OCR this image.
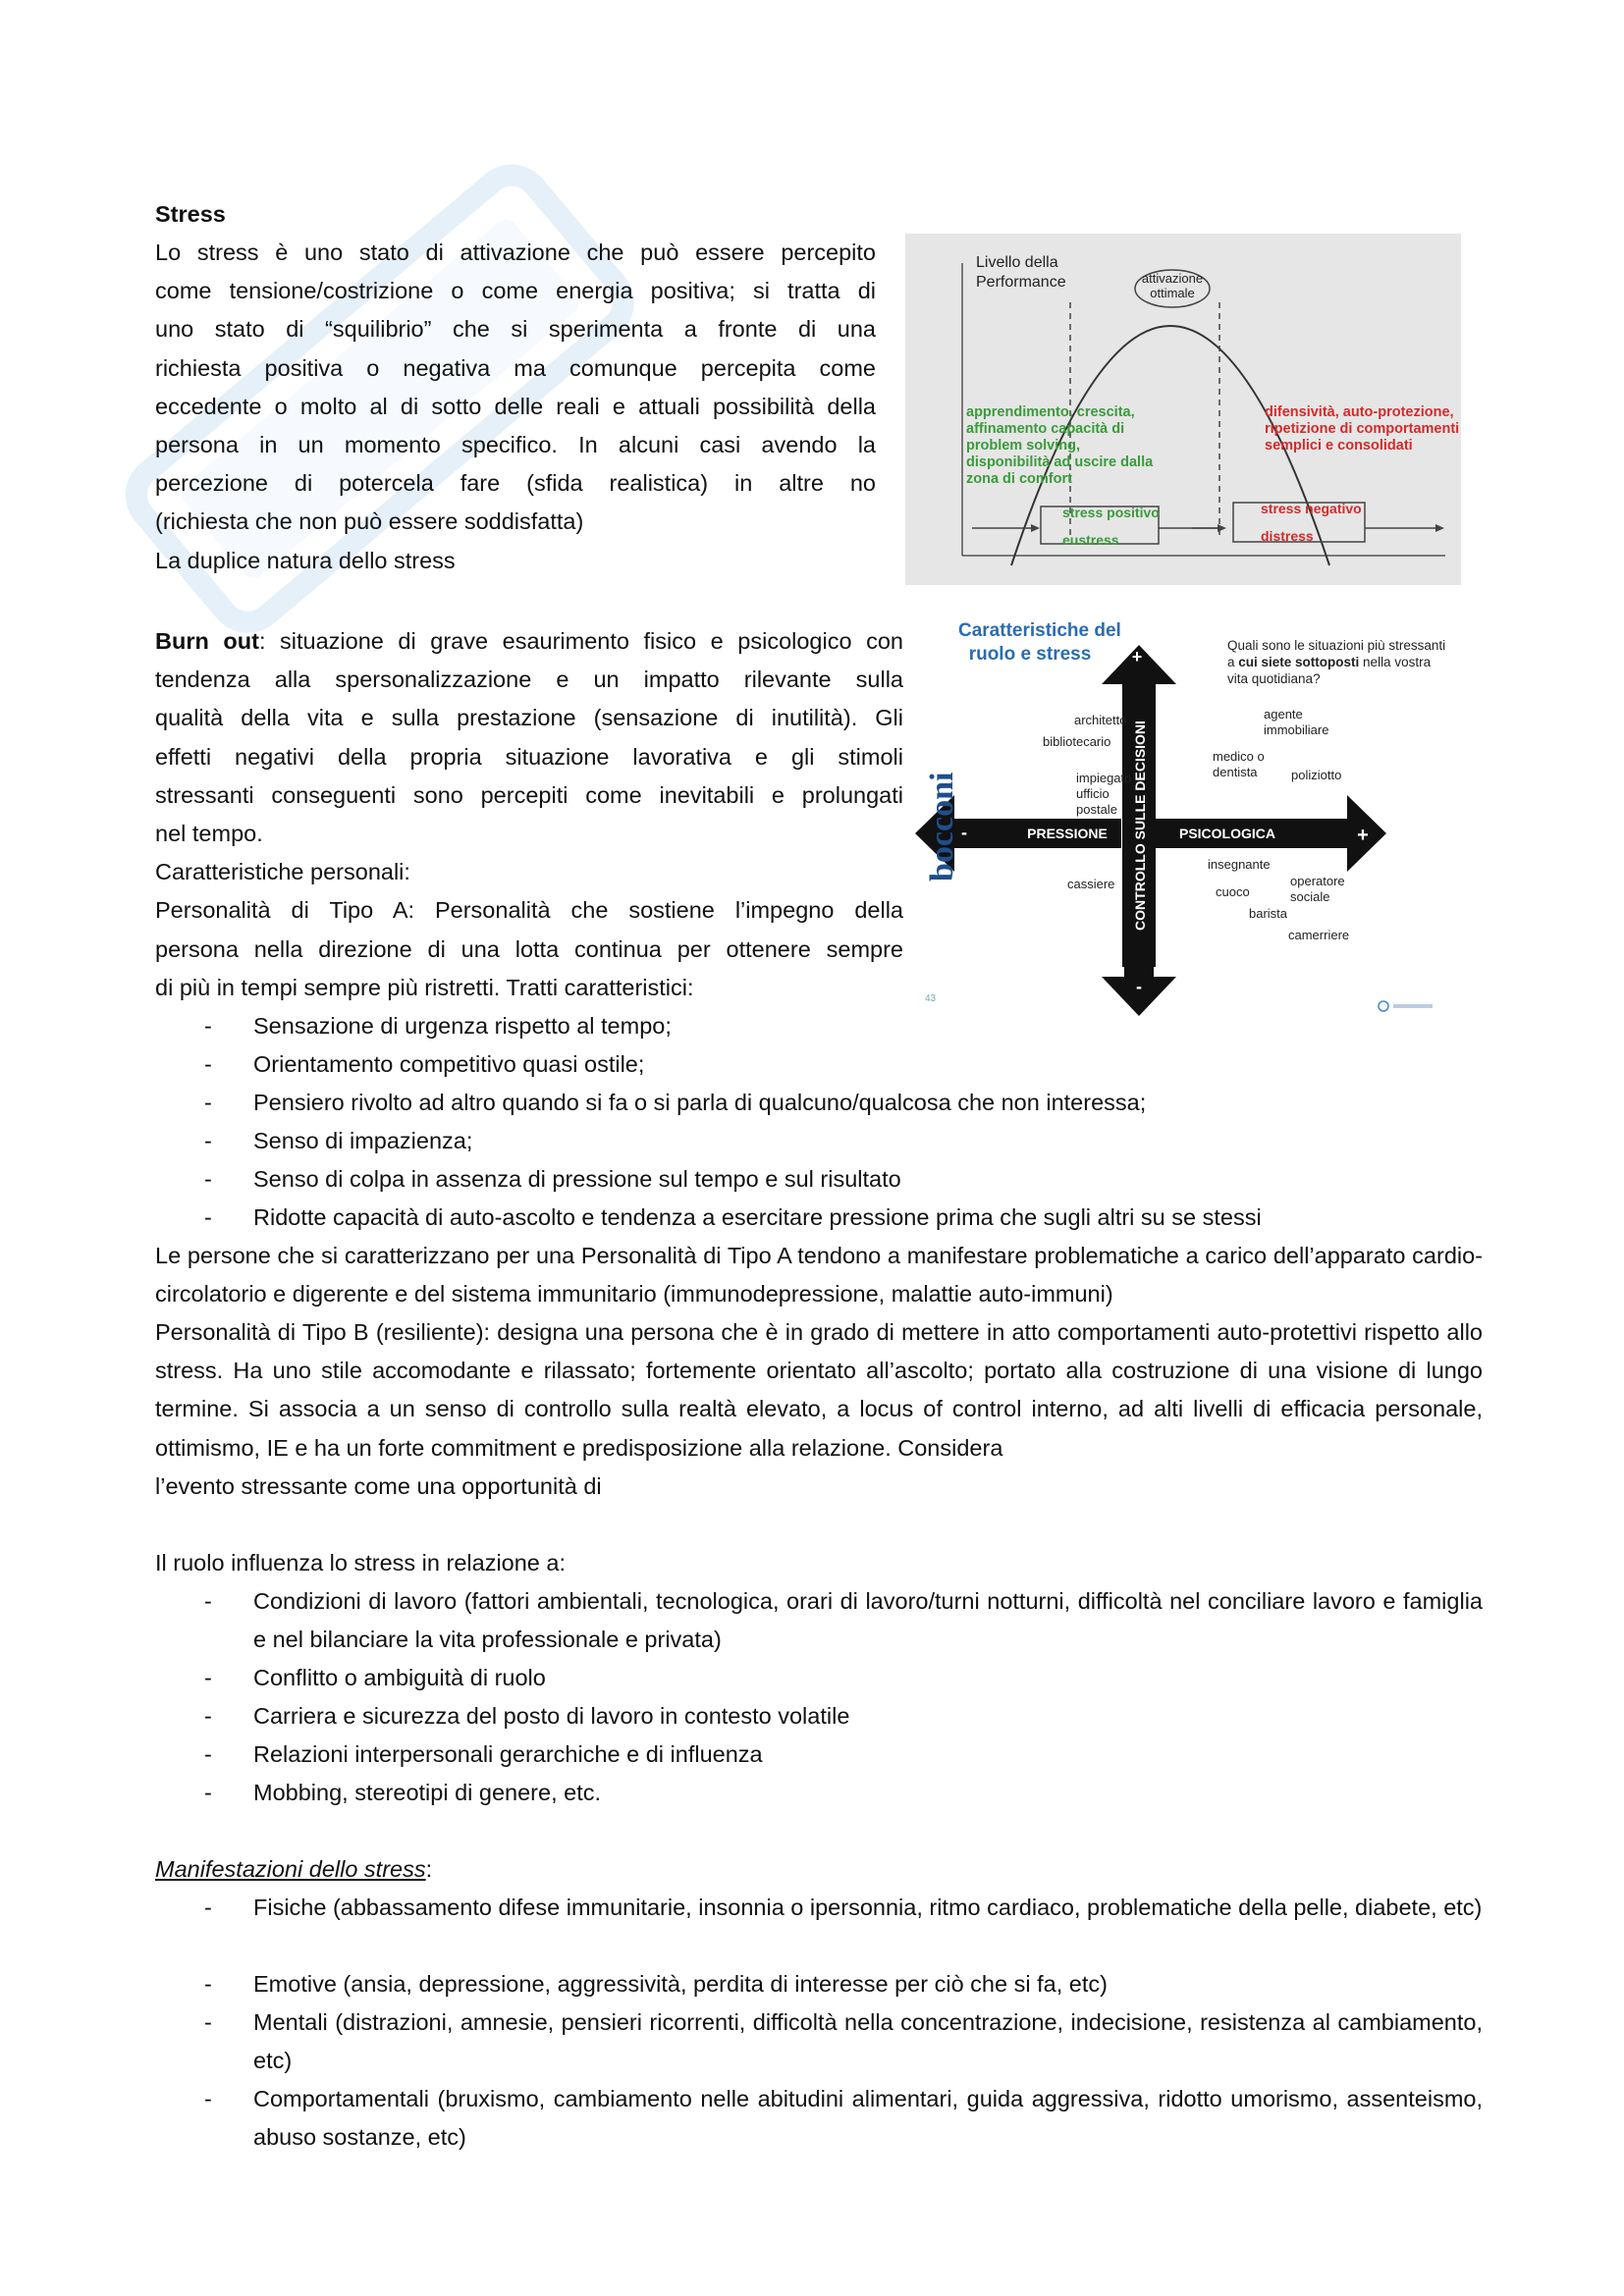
Stress
Lo stress è uno stato di attivazione che può essere percepito
come tensione/costrizione o come energia positiva; si tratta di
uno stato di “squilibrio” che si sperimenta a fronte di una
richiesta positiva o negativa ma comunque percepita come
eccedente o molto al di sotto delle reali e attuali possibilità della
persona in un momento specifico. In alcuni casi avendo la
percezione di potercela fare (sfida realistica) in altre no
(richiesta che non può essere soddisfatta)
La duplice natura dello stress
Livello della
Performance	attivazione
ottimale
apprendimento, crescita,
affinamento capacità di
problem solving,
disponibilità ad uscire dalla
zona di comfort
difensività, auto-protezione,
ripetizione di comportamenti
semplici e consolidati
stress positivo
eustress
stress negativo
distress
Burn out: situazione di grave esaurimento fisico e psicologico con
tendenza alla spersonalizzazione e un impatto rilevante sulla
qualità della vita e sulla prestazione (sensazione di inutilità). Gli
effetti negativi della propria situazione lavorativa e gli stimoli
stressanti conseguenti sono percepiti come inevitabili e prolungati
nel tempo.
Caratteristiche personali:
Personalità di Tipo A: Personalità che sostiene l’impegno della
persona nella direzione di una lotta continua per ottenere sempre
di più in tempi sempre più ristretti. Tratti caratteristici:
+
-
-	+
PRESSIONE	PSICOLOGICA
CONTROLLO SULLE DECISIONI
43
Caratteristiche del
ruolo e stress	Quali sono le situazioni più stressanti
a cui siete sottoposti nella vostra
vita quotidiana?
bocconi
architetto
bibliotecario
impiegato
ufficio
postale
agente
immobiliare
medico o
dentista	poliziotto
cassiere
insegnante
cuoco
operatore
sociale
barista
camerriere
- Sensazione di urgenza rispetto al tempo;
- Orientamento competitivo quasi ostile;
- Pensiero rivolto ad altro quando si fa o si parla di qualcuno/qualcosa che non interessa;
- Senso di impazienza;
- Senso di colpa in assenza di pressione sul tempo e sul risultato
- Ridotte capacità di auto-ascolto e tendenza a esercitare pressione prima che sugli altri su se stessi
Le persone che si caratterizzano per una Personalità di Tipo A tendono a manifestare problematiche a carico dell’apparato cardio-circolatorio e digerente e del sistema immunitario (immunodepressione, malattie auto-immuni)
Personalità di Tipo B (resiliente): designa una persona che è in grado di mettere in atto comportamenti auto-protettivi rispetto allo stress. Ha uno stile accomodante e rilassato; fortemente orientato all’ascolto; portato alla costruzione di una visione di lungo termine. Si associa a un senso di controllo sulla realtà elevato, a locus of control interno, ad alti livelli di efficacia personale, ottimismo, IE e ha un forte commitment e predisposizione alla relazione. Considera
l’evento stressante come una opportunità di
Il ruolo influenza lo stress in relazione a:
- Condizioni di lavoro (fattori ambientali, tecnologica, orari di lavoro/turni notturni, difficoltà nel conciliare lavoro e famiglia e nel bilanciare la vita professionale e privata)
- Conflitto o ambiguità di ruolo
- Carriera e sicurezza del posto di lavoro in contesto volatile
- Relazioni interpersonali gerarchiche e di influenza
- Mobbing, stereotipi di genere, etc.
Manifestazioni dello stress:
- Fisiche (abbassamento difese immunitarie, insonnia o ipersonnia, ritmo cardiaco, problematiche della pelle, diabete, etc)
- Emotive (ansia, depressione, aggressività, perdita di interesse per ciò che si fa, etc)
- Mentali (distrazioni, amnesie, pensieri ricorrenti, difficoltà nella concentrazione, indecisione, resistenza al cambiamento, etc)
- Comportamentali (bruxismo, cambiamento nelle abitudini alimentari, guida aggressiva, ridotto umorismo, assenteismo, abuso sostanze, etc)
